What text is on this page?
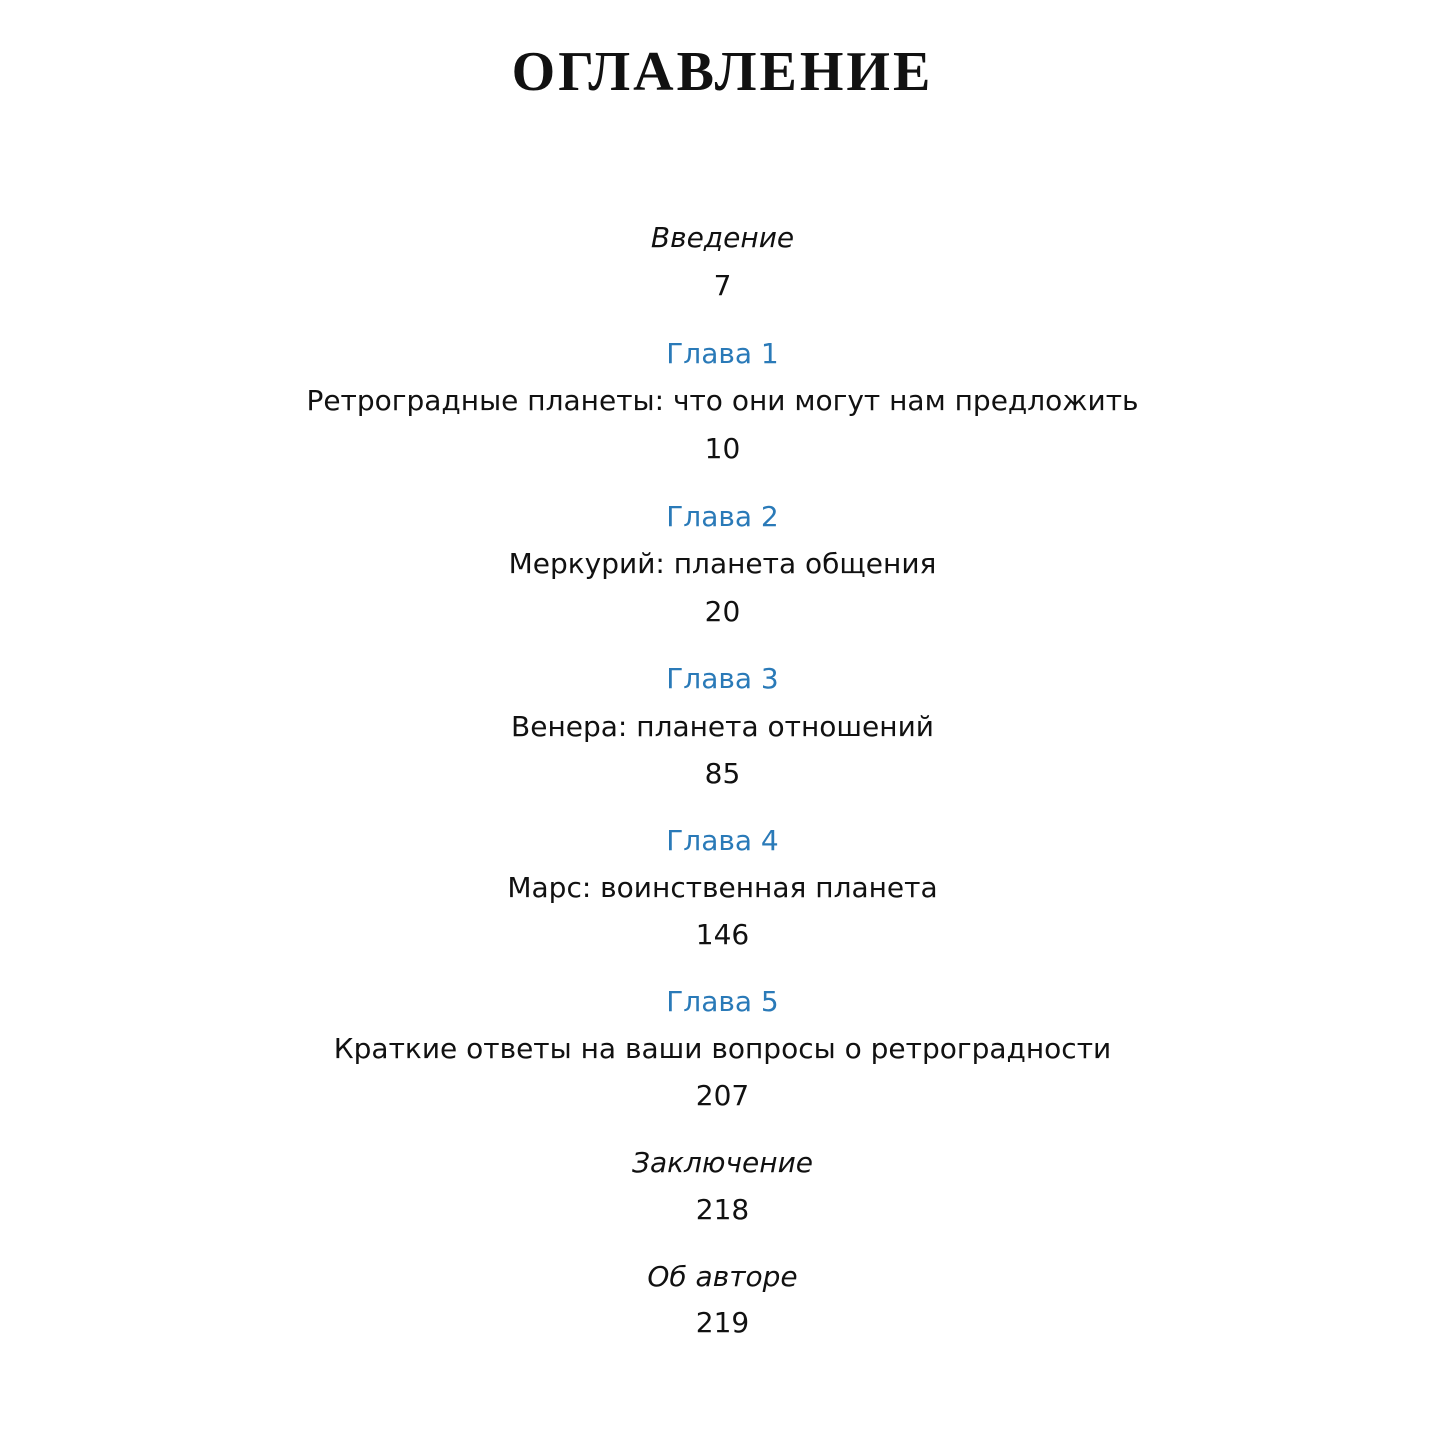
ОГЛАВЛЕНИЕ
Введение
7
Глава 1
Ретроградные планеты: что они могут нам предложить
10
Глава 2
Меркурий: планета общения
20
Глава 3
Венера: планета отношений
85
Глава 4
Марс: воинственная планета
146
Глава 5
Краткие ответы на ваши вопросы о ретроградности
207
Заключение
218
Об авторе
219
